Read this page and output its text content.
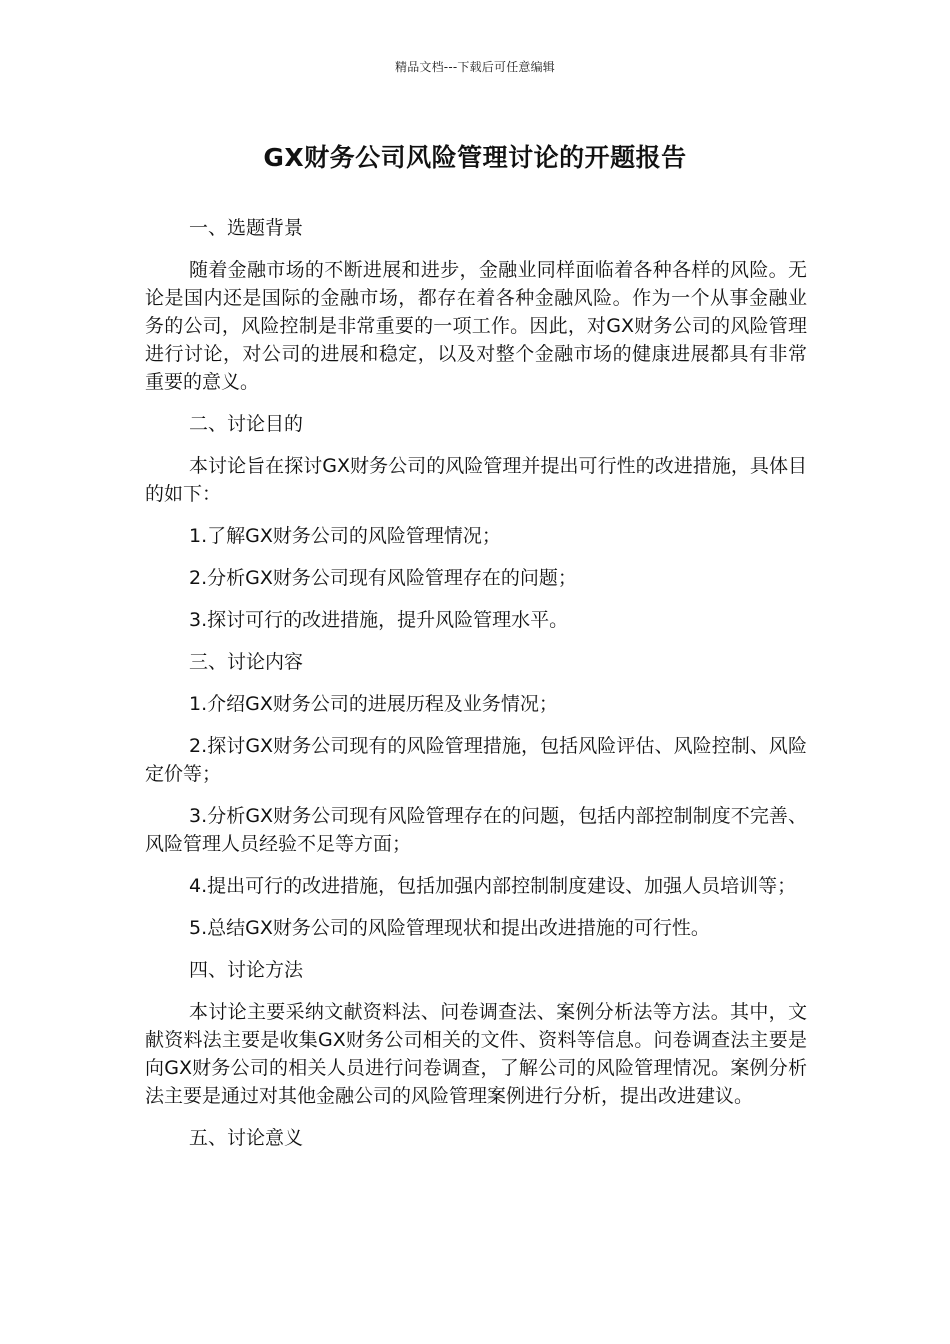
精品文档---下载后可任意编辑
GX财务公司风险管理讨论的开题报告

一、选题背景

随着金融市场的不断进展和进步，金融业同样面临着各种各样的风险。无论是国内还是国际的金融市场，都存在着各种金融风险。作为一个从事金融业务的公司，风险控制是非常重要的一项工作。因此，对GX财务公司的风险管理进行讨论，对公司的进展和稳定，以及对整个金融市场的健康进展都具有非常重要的意义。

二、讨论目的

本讨论旨在探讨GX财务公司的风险管理并提出可行性的改进措施，具体目的如下：

1.了解GX财务公司的风险管理情况；

2.分析GX财务公司现有风险管理存在的问题；

3.探讨可行的改进措施，提升风险管理水平。

三、讨论内容

1.介绍GX财务公司的进展历程及业务情况；

2.探讨GX财务公司现有的风险管理措施，包括风险评估、风险控制、风险定价等；

3.分析GX财务公司现有风险管理存在的问题，包括内部控制制度不完善、风险管理人员经验不足等方面；

4.提出可行的改进措施，包括加强内部控制制度建设、加强人员培训等；

5.总结GX财务公司的风险管理现状和提出改进措施的可行性。

四、讨论方法

本讨论主要采纳文献资料法、问卷调查法、案例分析法等方法。其中，文献资料法主要是收集GX财务公司相关的文件、资料等信息。问卷调查法主要是向GX财务公司的相关人员进行问卷调查，了解公司的风险管理情况。案例分析法主要是通过对其他金融公司的风险管理案例进行分析，提出改进建议。

五、讨论意义
